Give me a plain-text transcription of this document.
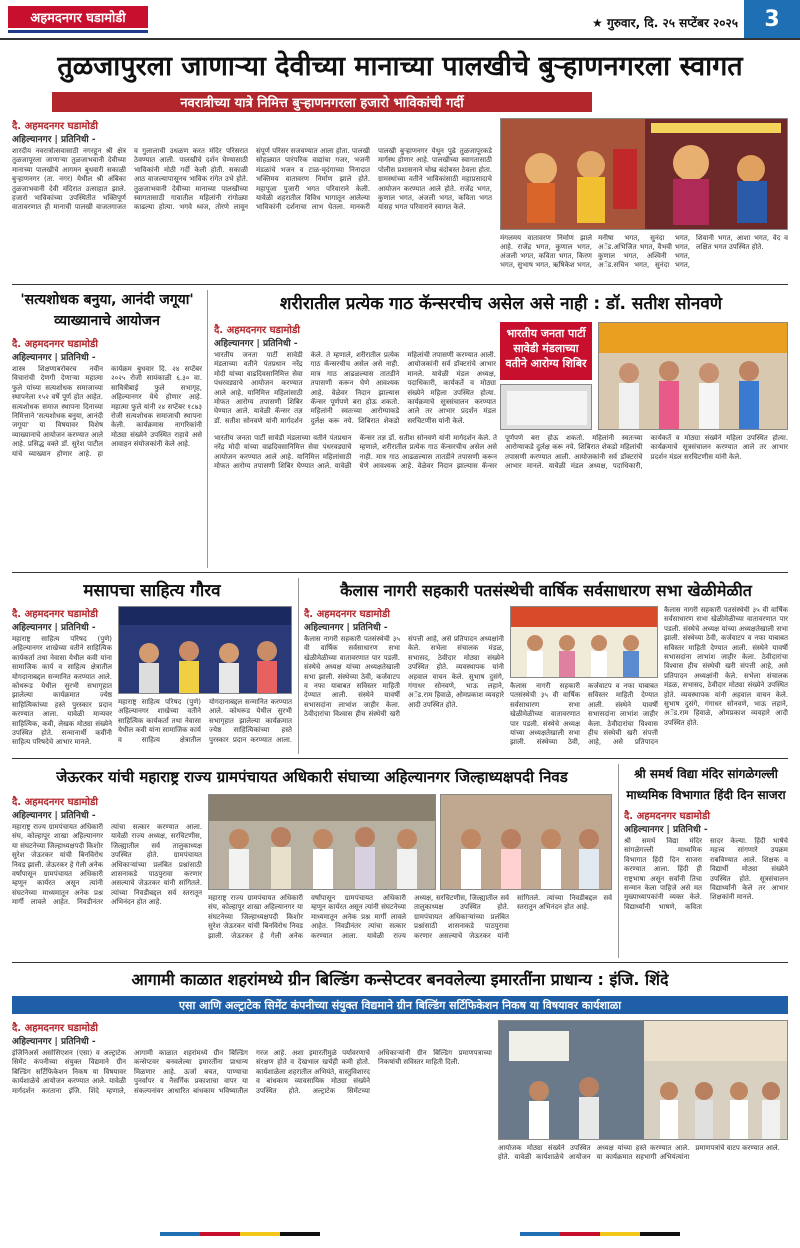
अहमदनगर घडामोडी	★ गुरुवार, दि. २५ सप्टेंबर २०२५	3
तुळजापुरला जाणाऱ्या देवीच्या मानाच्या पालखीचे बुऱ्हाणनगरला स्वागत
नवरात्रीच्या यात्रे निमित्त बुऱ्हाणनगरला हजारो भाविकांची गर्दी
दै. अहमदनगर घडामोडी
अहिल्यानगर | प्रतिनिधी -
शारदीय नवरात्रोत्सवासाठी नगरहून श्री क्षेत्र तुळजापूरला जाणाऱ्या तुळजाभवानी देवीच्या मानाच्या पालखीचे आगमन बुधवारी सकाळी बुऱ्हाणनगर (ता. नगर) येथील श्री अंबिका तुळजाभवानी देवी मंदिरात उत्साहात झाले. हजारो भाविकांच्या उपस्थितीत भक्तिपूर्ण वातावरणात ही मानाची पालखी वाजतगाजत व गुलालाची उधळण करत मंदिर परिसरात ठेवण्यात आली. पालखीचे दर्शन घेण्यासाठी भाविकांनी मोठी गर्दी केली होती. सकाळी आठ वाजल्यापासूनच भाविक रांगेत उभे होते. तुळजाभवानी देवीच्या मानाच्या पालखीच्या स्वागतासाठी गावातील महिलांनी रांगोळ्या काढल्या होत्या. भगवे ध्वज, तोरणे लावून संपूर्ण परिसर सजवण्यात आला होता. पालखी सोहळ्यात पारंपरिक वाद्यांचा गजर, भजनी मंडळांचे भजन व टाळ-मृदंगाच्या निनादात भक्तिमय वातावरण निर्माण झाले होते. महापूजा पुजारी भगत परिवाराने केली. यावेळी शहरातील विविध भागातून आलेल्या भाविकांनी दर्शनाचा लाभ घेतला. मानकरी पालखी बुऱ्हाणनगर येथून पुढे तुळजापूरकडे मार्गस्थ होणार आहे. पालखीच्या स्वागतासाठी पोलीस प्रशासनाने चोख बंदोबस्त ठेवला होता. ग्रामस्थांच्या वतीने भाविकांसाठी महाप्रसादाचे आयोजन करण्यात आले होते. राजेंद्र भगत, कुणाल भगत, अंजली भगत, कविता भगत यांसह भगत परिवाराने स्वागत केले.
मंगलमय वातावरण निर्माण झाले आहे. राजेंद्र भगत, कुणाल भगत, अंजली भगत, कविता भगत, किरण भगत, सुभाष भगत, ऋषिकेश भगत, मनीषा भगत, सुनंदा भगत, अॅड.अभिजित भगत, वैभवी भगत, कुणाल भगत, अश्विनी भगत, अॅड.सचिन भगत, सुनंदा भगत, शिवानी भगत, आशा भगत, वेद व लक्षित भगत उपस्थित होते.
'सत्यशोधक बनुया, आनंदी जगूया' व्याख्यानाचे आयोजन
दै. अहमदनगर घडामोडी
अहिल्यानगर | प्रतिनिधी -
शास्त्र शिक्षणाबरोबरच नवीन विचारांची देणगी देणाऱ्या महात्मा फुले यांच्या सत्यशोधक समाजाच्या स्थापनेला १५२ वर्षे पूर्ण होत आहेत. सत्यशोधक समाज स्थापना दिनाच्या निमित्ताने 'सत्यशोधक बनुया, आनंदी जगूया' या विषयावर विशेष व्याख्यानाचे आयोजन करण्यात आले आहे. प्रसिद्ध वक्ते डॉ. सुरेश पाटील यांचे व्याख्यान होणार आहे. हा कार्यक्रम बुधवार दि. २४ सप्टेंबर २०२५ रोजी सायंकाळी ६.३० वा. सावित्रीबाई फुले सभागृह, अहिल्यानगर येथे होणार आहे. महात्मा फुले यांनी २४ सप्टेंबर १८७३ रोजी सत्यशोधक समाजाची स्थापना केली. कार्यक्रमास नागरिकांनी मोठ्या संख्येने उपस्थित राहावे असे आवाहन संयोजकांनी केले आहे.
शरीरातील प्रत्येक गाठ कॅन्सरचीच असेल असे नाही : डॉ. सतीश सोनवणे
दै. अहमदनगर घडामोडी
अहिल्यानगर | प्रतिनिधी -
भारतीय जनता पार्टी सावेडी मंडलाच्या वतीने पंतप्रधान नरेंद्र मोदी यांच्या वाढदिवसानिमित्त सेवा पंधरवड्याचे आयोजन करण्यात आले आहे. यानिमित्त महिलांसाठी मोफत आरोग्य तपासणी शिबिर घेण्यात आले. यावेळी कॅन्सर तज्ञ डॉ. सतीश सोनवणे यांनी मार्गदर्शन केले. ते म्हणाले, शरीरातील प्रत्येक गाठ कॅन्सरचीच असेल असे नाही. मात्र गाठ आढळल्यास तातडीने तपासणी करून घेणे आवश्यक आहे. वेळेवर निदान झाल्यास कॅन्सर पूर्णपणे बरा होऊ शकतो. महिलांनी स्वतःच्या आरोग्याकडे दुर्लक्ष करू नये. शिबिरात शेकडो महिलांची तपासणी करण्यात आली. आयोजकांनी सर्व डॉक्टरांचे आभार मानले. यावेळी मंडल अध्यक्ष, पदाधिकारी, कार्यकर्ते व मोठ्या संख्येने महिला उपस्थित होत्या. कार्यक्रमाचे सूत्रसंचालन करण्यात आले तर आभार प्रदर्शन मंडल सरचिटणीस यांनी केले.
भारतीय जनता पार्टी सावेडी मंडलाच्या वतीने आरोग्य शिबिर
भारतीय जनता पार्टी सावेडी मंडलाच्या वतीने पंतप्रधान नरेंद्र मोदी यांच्या वाढदिवसानिमित्त सेवा पंधरवड्याचे आयोजन करण्यात आले आहे. यानिमित्त महिलांसाठी मोफत आरोग्य तपासणी शिबिर घेण्यात आले. यावेळी कॅन्सर तज्ञ डॉ. सतीश सोनवणे यांनी मार्गदर्शन केले. ते म्हणाले, शरीरातील प्रत्येक गाठ कॅन्सरचीच असेल असे नाही. मात्र गाठ आढळल्यास तातडीने तपासणी करून घेणे आवश्यक आहे. वेळेवर निदान झाल्यास कॅन्सर पूर्णपणे बरा होऊ शकतो. महिलांनी स्वतःच्या आरोग्याकडे दुर्लक्ष करू नये. शिबिरात शेकडो महिलांची तपासणी करण्यात आली. आयोजकांनी सर्व डॉक्टरांचे आभार मानले. यावेळी मंडल अध्यक्ष, पदाधिकारी, कार्यकर्ते व मोठ्या संख्येने महिला उपस्थित होत्या. कार्यक्रमाचे सूत्रसंचालन करण्यात आले तर आभार प्रदर्शन मंडल सरचिटणीस यांनी केले.
मसापचा साहित्य गौरव
दै. अहमदनगर घडामोडी
अहिल्यानगर | प्रतिनिधी -
महाराष्ट्र साहित्य परिषद (पुणे) अहिल्यानगर शाखेच्या वतीने साहित्यिक कार्यकर्ता तथा नेवासा येथील कवी यांना सामाजिक कार्य व साहित्य क्षेत्रातील योगदानाबद्दल सन्मानित करण्यात आले. कोथरूड येथील सुरभी सभागृहात झालेल्या कार्यक्रमात ज्येष्ठ साहित्यिकांच्या हस्ते पुरस्कार प्रदान करण्यात आला. यावेळी मान्यवर साहित्यिक, कवी, लेखक मोठ्या संख्येने उपस्थित होते. सन्मानार्थी कवींनी साहित्य परिषदेचे आभार मानले.
महाराष्ट्र साहित्य परिषद (पुणे) अहिल्यानगर शाखेच्या वतीने साहित्यिक कार्यकर्ता तथा नेवासा येथील कवी यांना सामाजिक कार्य व साहित्य क्षेत्रातील योगदानाबद्दल सन्मानित करण्यात आले. कोथरूड येथील सुरभी सभागृहात झालेल्या कार्यक्रमात ज्येष्ठ साहित्यिकांच्या हस्ते पुरस्कार प्रदान करण्यात आला.
कैलास नागरी सहकारी पतसंस्थेची वार्षिक सर्वसाधारण सभा खेळीमेळीत
दै. अहमदनगर घडामोडी
अहिल्यानगर | प्रतिनिधी -
कैलास नागरी सहकारी पतसंस्थेची ३५ वी वार्षिक सर्वसाधारण सभा खेळीमेळीच्या वातावरणात पार पडली. संस्थेचे अध्यक्ष यांच्या अध्यक्षतेखाली सभा झाली. संस्थेच्या ठेवी, कर्जवाटप व नफा याबाबत सविस्तर माहिती देण्यात आली. संस्थेने यावर्षी सभासदांना लाभांश जाहीर केला. ठेवीदारांचा विश्वास हीच संस्थेची खरी संपत्ती आहे, असे प्रतिपादन अध्यक्षांनी केले. सभेला संचालक मंडळ, सभासद, ठेवीदार मोठ्या संख्येने उपस्थित होते. व्यवस्थापक यांनी अहवाल वाचन केले. सुभाष दुसंगे, गंगाधर सोनवणे, भाऊ लहाने, अॅड.राम हिवाळे, ओमप्रकाश व्यवहारे आदी उपस्थित होते.
कैलास नागरी सहकारी पतसंस्थेची ३५ वी वार्षिक सर्वसाधारण सभा खेळीमेळीच्या वातावरणात पार पडली. संस्थेचे अध्यक्ष यांच्या अध्यक्षतेखाली सभा झाली. संस्थेच्या ठेवी, कर्जवाटप व नफा याबाबत सविस्तर माहिती देण्यात आली. संस्थेने यावर्षी सभासदांना लाभांश जाहीर केला. ठेवीदारांचा विश्वास हीच संस्थेची खरी संपत्ती आहे, असे प्रतिपादन
कैलास नागरी सहकारी पतसंस्थेची ३५ वी वार्षिक सर्वसाधारण सभा खेळीमेळीच्या वातावरणात पार पडली. संस्थेचे अध्यक्ष यांच्या अध्यक्षतेखाली सभा झाली. संस्थेच्या ठेवी, कर्जवाटप व नफा याबाबत सविस्तर माहिती देण्यात आली. संस्थेने यावर्षी सभासदांना लाभांश जाहीर केला. ठेवीदारांचा विश्वास हीच संस्थेची खरी संपत्ती आहे, असे प्रतिपादन अध्यक्षांनी केले. सभेला संचालक मंडळ, सभासद, ठेवीदार मोठ्या संख्येने उपस्थित होते. व्यवस्थापक यांनी अहवाल वाचन केले. सुभाष दुसंगे, गंगाधर सोनवणे, भाऊ लहाने, अॅड.राम हिवाळे, ओमप्रकाश व्यवहारे आदी उपस्थित होते.
जेऊरकर यांची महाराष्ट्र राज्य ग्रामपंचायत अधिकारी संघाच्या अहिल्यानगर जिल्हाध्यक्षपदी निवड
दै. अहमदनगर घडामोडी
अहिल्यानगर | प्रतिनिधी -
महाराष्ट्र राज्य ग्रामपंचायत अधिकारी संघ, कोल्हापूर शाखा अहिल्यानगर या संघटनेच्या जिल्हाध्यक्षपदी किशोर सुरेश जेऊरकर यांची बिनविरोध निवड झाली. जेऊरकर हे गेली अनेक वर्षांपासून ग्रामपंचायत अधिकारी म्हणून कार्यरत असून त्यांनी संघटनेच्या माध्यमातून अनेक प्रश्न मार्गी लावले आहेत. निवडीनंतर त्यांचा सत्कार करण्यात आला. यावेळी राज्य अध्यक्ष, सरचिटणीस, जिल्ह्यातील सर्व तालुकाध्यक्ष उपस्थित होते. ग्रामपंचायत अधिकाऱ्यांच्या प्रलंबित प्रश्नांसाठी शासनाकडे पाठपुरावा करणार असल्याचे जेऊरकर यांनी सांगितले. त्यांच्या निवडीबद्दल सर्व स्तरातून अभिनंदन होत आहे.
महाराष्ट्र राज्य ग्रामपंचायत अधिकारी संघ, कोल्हापूर शाखा अहिल्यानगर या संघटनेच्या जिल्हाध्यक्षपदी किशोर सुरेश जेऊरकर यांची बिनविरोध निवड झाली. जेऊरकर हे गेली अनेक वर्षांपासून ग्रामपंचायत अधिकारी म्हणून कार्यरत असून त्यांनी संघटनेच्या माध्यमातून अनेक प्रश्न मार्गी लावले आहेत. निवडीनंतर त्यांचा सत्कार करण्यात आला. यावेळी राज्य अध्यक्ष, सरचिटणीस, जिल्ह्यातील सर्व तालुकाध्यक्ष उपस्थित होते. ग्रामपंचायत अधिकाऱ्यांच्या प्रलंबित प्रश्नांसाठी शासनाकडे पाठपुरावा करणार असल्याचे जेऊरकर यांनी सांगितले. त्यांच्या निवडीबद्दल सर्व स्तरातून अभिनंदन होत आहे.
श्री समर्थ विद्या मंदिर सांगळेगल्ली माध्यमिक विभागात हिंदी दिन साजरा
दै. अहमदनगर घडामोडी
अहिल्यानगर | प्रतिनिधी -
श्री समर्थ विद्या मंदिर सांगळेगल्ली माध्यमिक विभागात हिंदी दिन साजरा करण्यात आला. हिंदी ही राष्ट्रभाषा असून सर्वांनी तिचा सन्मान केला पाहिजे असे मत मुख्याध्यापकांनी व्यक्त केले. विद्यार्थ्यांनी भाषणे, कविता सादर केल्या. हिंदी भाषेचे महत्त्व सांगणारे उपक्रम राबविण्यात आले. शिक्षक व विद्यार्थी मोठ्या संख्येने उपस्थित होते. सूत्रसंचालन विद्यार्थ्यांनी केले तर आभार शिक्षकांनी मानले.
आगामी काळात शहरांमध्ये ग्रीन बिल्डिंग कन्सेप्टवर बनवलेल्या इमारतींना प्राधान्य : इंजि. शिंदे
एसा आणि अल्ट्राटेक सिमेंट कंपनीच्या संयुक्त विद्यमाने ग्रीन बिल्डिंग सर्टिफिकेशन निकष या विषयावर कार्यशाळा
दै. अहमदनगर घडामोडी
अहिल्यानगर | प्रतिनिधी -
इंजिनिअर्स असोसिएशन (एसा) व अल्ट्राटेक सिमेंट कंपनीच्या संयुक्त विद्यमाने ग्रीन बिल्डिंग सर्टिफिकेशन निकष या विषयावर कार्यशाळेचे आयोजन करण्यात आले. यावेळी मार्गदर्शन करताना इंजि. शिंदे म्हणाले, आगामी काळात शहरांमध्ये ग्रीन बिल्डिंग कन्सेप्टवर बनवलेल्या इमारतींना प्राधान्य मिळणार आहे. ऊर्जा बचत, पाण्याचा पुनर्वापर व नैसर्गिक प्रकाशाचा वापर या संकल्पनांवर आधारित बांधकाम भविष्यातील गरज आहे. अशा इमारतींमुळे पर्यावरणाचे संरक्षण होते व देखभाल खर्चही कमी होतो. कार्यशाळेला शहरातील अभियंते, वास्तुविशारद व बांधकाम व्यावसायिक मोठ्या संख्येने उपस्थित होते. अल्ट्राटेक सिमेंटच्या अधिकाऱ्यांनी ग्रीन बिल्डिंग प्रमाणपत्राच्या निकषांची सविस्तर माहिती दिली.
आयोजक मोठ्या संख्येने उपस्थित होते. यावेळी कार्यशाळेचे आयोजन अध्यक्ष यांच्या हस्ते करण्यात आले. या कार्यक्रमात सहभागी अभियंत्यांना प्रमाणपत्रांचे वाटप करण्यात आले.
